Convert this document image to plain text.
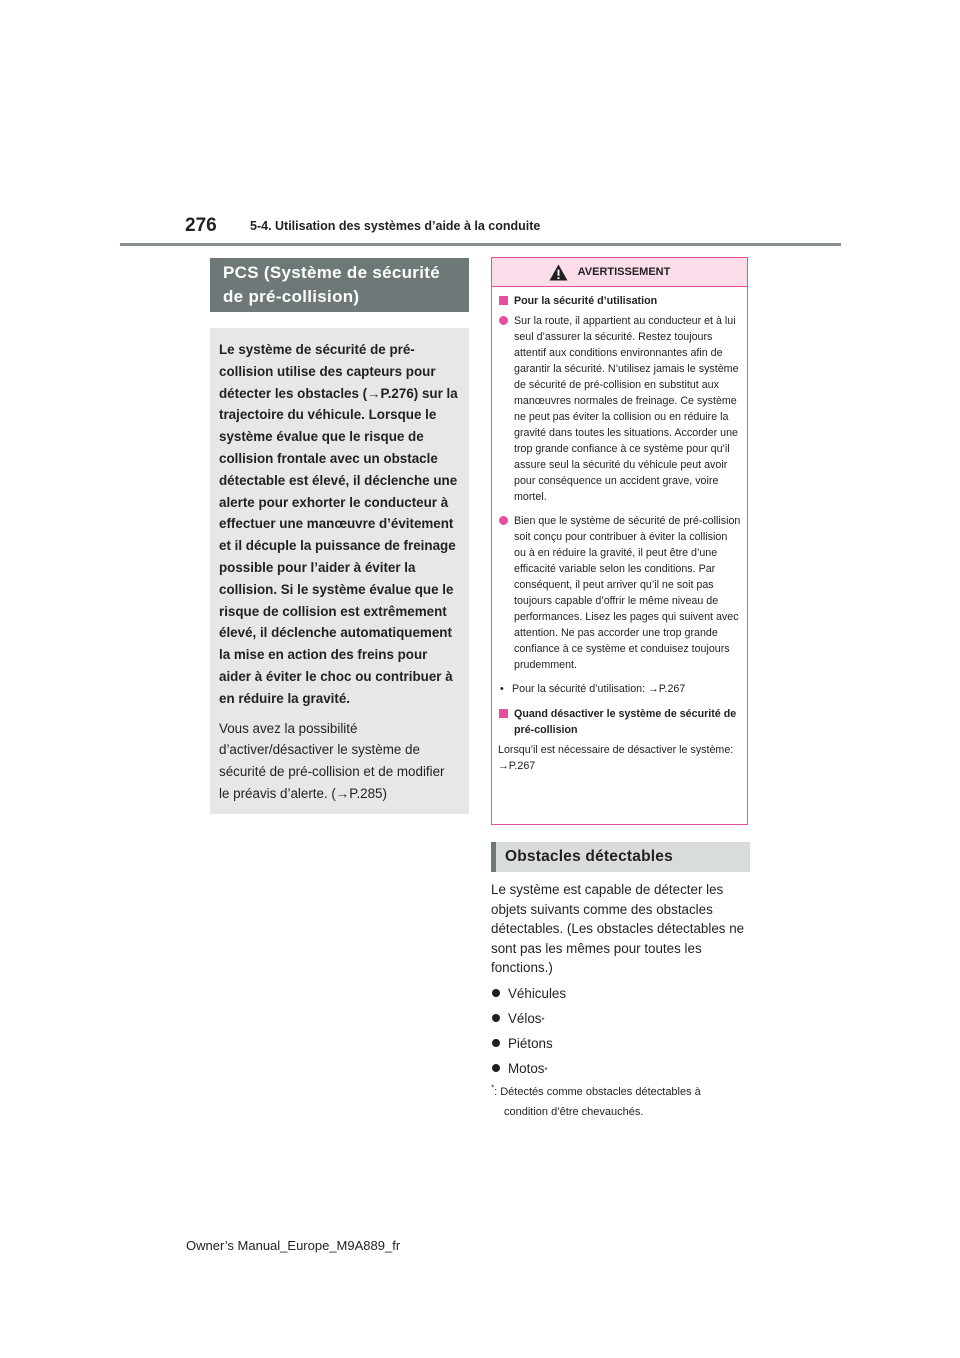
276	5-4. Utilisation des systèmes d’aide à la conduite
PCS (Système de sécurité
de pré-collision)

Le système de sécurité de pré-collision utilise des capteurs pour détecter les obstacles (→P.276) sur la trajectoire du véhicule. Lorsque le système évalue que le risque de collision frontale avec un obstacle détectable est élevé, il déclenche une alerte pour exhorter le conducteur à effectuer une manœuvre d’évitement et il décuple la puissance de freinage possible pour l’aider à éviter la collision. Si le système évalue que le risque de collision est extrêmement élevé, il déclenche automatiquement la mise en action des freins pour aider à éviter le choc ou contribuer à en réduire la gravité.

Vous avez la possibilité d’activer/désactiver le système de sécurité de pré-collision et de modifier le préavis d’alerte. (→P.285)

AVERTISSEMENT
Pour la sécurité d’utilisation
Sur la route, il appartient au conducteur et à lui seul d’assurer la sécurité. Restez toujours attentif aux conditions environnantes afin de garantir la sécurité. N’utilisez jamais le système de sécurité de pré-collision en substitut aux manœuvres normales de freinage. Ce système ne peut pas éviter la collision ou en réduire la gravité dans toutes les situations. Accorder une trop grande confiance à ce système pour qu’il assure seul la sécurité du véhicule peut avoir pour conséquence un accident grave, voire mortel.
Bien que le système de sécurité de pré-collision soit conçu pour contribuer à éviter la collision ou à en réduire la gravité, il peut être d’une efficacité variable selon les conditions. Par conséquent, il peut arriver qu’il ne soit pas toujours capable d’offrir le même niveau de performances. Lisez les pages qui suivent avec attention. Ne pas accorder une trop grande confiance à ce système et conduisez toujours prudemment.
• Pour la sécurité d’utilisation: →P.267
Quand désactiver le système de sécurité de pré-collision
Lorsqu’il est nécessaire de désactiver le système: →P.267
Obstacles détectables

Le système est capable de détecter les objets suivants comme des obstacles détectables. (Les obstacles détectables ne sont pas les mêmes pour toutes les fonctions.)

Véhicules
Vélos *
Piétons
Motos *
*: Détectés comme obstacles détectables à
condition d’être chevauchés.
Owner’s Manual_Europe_M9A889_fr
